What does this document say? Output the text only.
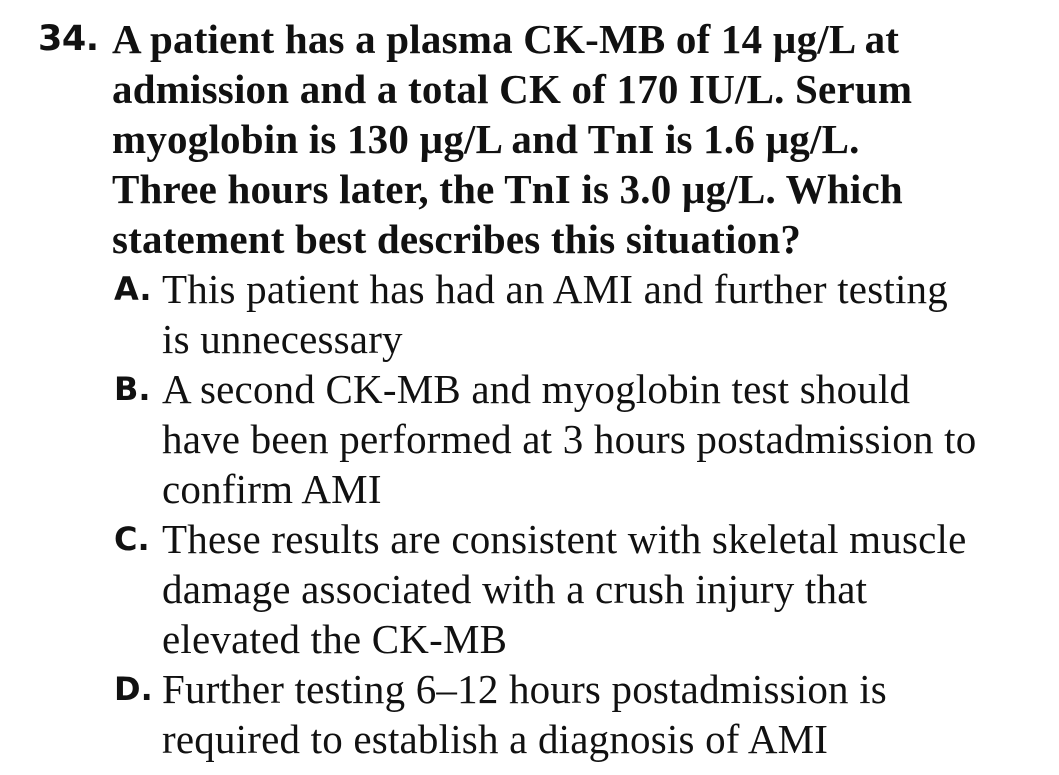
34. A patient has a plasma CK-MB of 14 µg/L at
admission and a total CK of 170 IU/L. Serum
myoglobin is 130 µg/L and TnI is 1.6 µg/L.
Three hours later, the TnI is 3.0 µg/L. Which
statement best describes this situation?
A. This patient has had an AMI and further testing
is unnecessary
B. A second CK-MB and myoglobin test should
have been performed at 3 hours postadmission to
confirm AMI
C. These results are consistent with skeletal muscle
damage associated with a crush injury that
elevated the CK-MB
D. Further testing 6–12 hours postadmission is
required to establish a diagnosis of AMI
